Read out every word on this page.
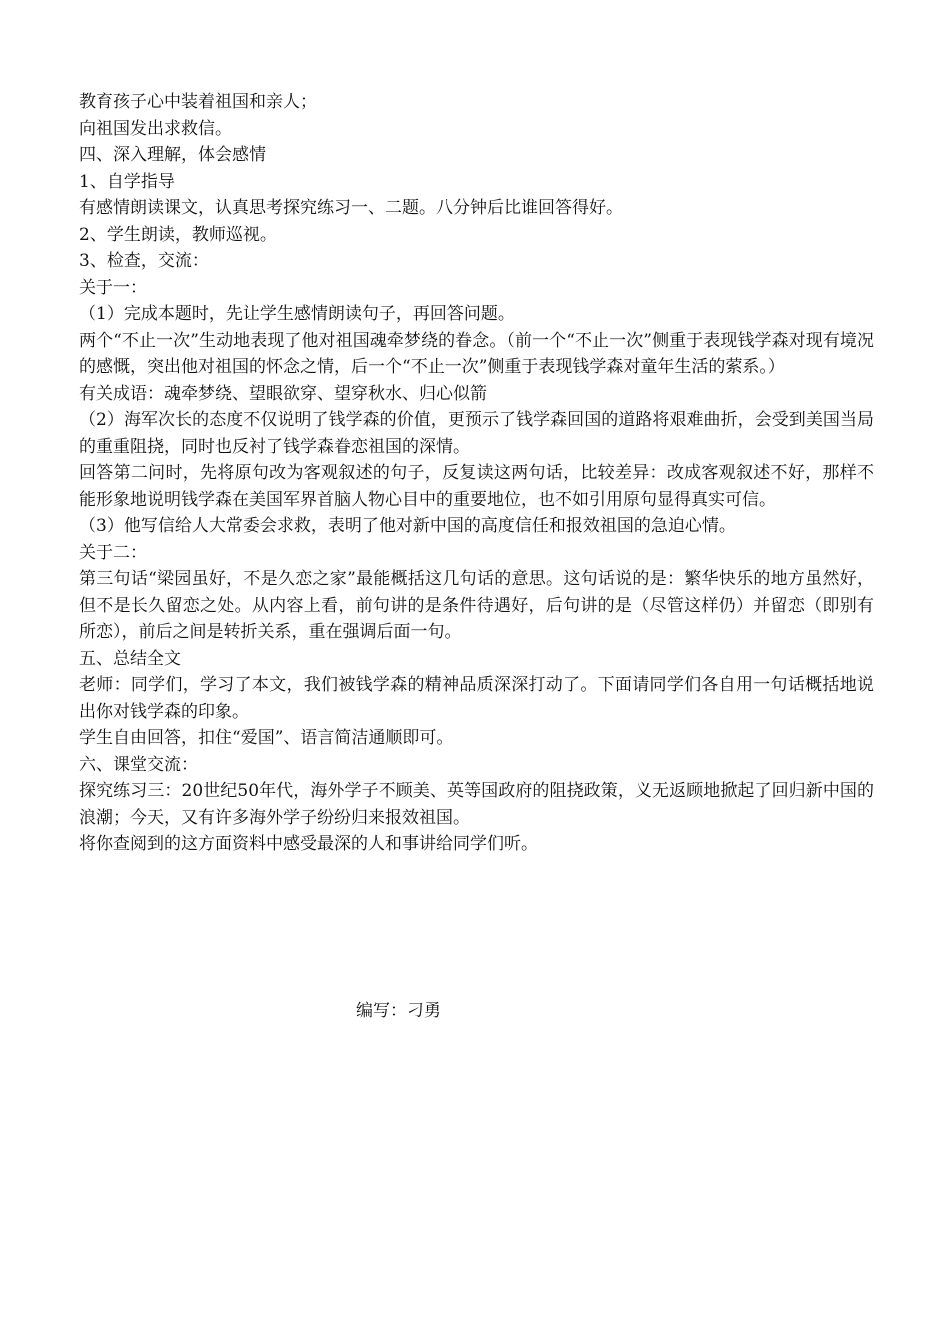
教育孩子心中装着祖国和亲人；

向祖国发出求救信。

四、深入理解，体会感情

1、自学指导

有感情朗读课文，认真思考探究练习一、二题。八分钟后比谁回答得好。

2、学生朗读，教师巡视。

3、检查，交流：

关于一：

（1）完成本题时，先让学生感情朗读句子，再回答问题。

两个“不止一次”生动地表现了他对祖国魂牵梦绕的眷念。（前一个“不止一次”侧重于表现钱学森对现有境况的感慨，突出他对祖国的怀念之情，后一个“不止一次”侧重于表现钱学森对童年生活的萦系。）

有关成语：魂牵梦绕、望眼欲穿、望穿秋水、归心似箭

（2）海军次长的态度不仅说明了钱学森的价值，更预示了钱学森回国的道路将艰难曲折，会受到美国当局的重重阻挠，同时也反衬了钱学森眷恋祖国的深情。

回答第二问时，先将原句改为客观叙述的句子，反复读这两句话，比较差异：改成客观叙述不好，那样不能形象地说明钱学森在美国军界首脑人物心目中的重要地位，也不如引用原句显得真实可信。

（3）他写信给人大常委会求救，表明了他对新中国的高度信任和报效祖国的急迫心情。

关于二：

第三句话“梁园虽好，不是久恋之家”最能概括这几句话的意思。这句话说的是：繁华快乐的地方虽然好，但不是长久留恋之处。从内容上看，前句讲的是条件待遇好，后句讲的是（尽管这样仍）并留恋（即别有所恋），前后之间是转折关系，重在强调后面一句。

五、总结全文

老师：同学们，学习了本文，我们被钱学森的精神品质深深打动了。下面请同学们各自用一句话概括地说出你对钱学森的印象。

学生自由回答，扣住“爱国”、语言简洁通顺即可。

六、课堂交流：

探究练习三：20世纪50年代，海外学子不顾美、英等国政府的阻挠政策，义无返顾地掀起了回归新中国的浪潮；今天，又有许多海外学子纷纷归来报效祖国。

将你查阅到的这方面资料中感受最深的人和事讲给同学们听。

编写：刁勇
